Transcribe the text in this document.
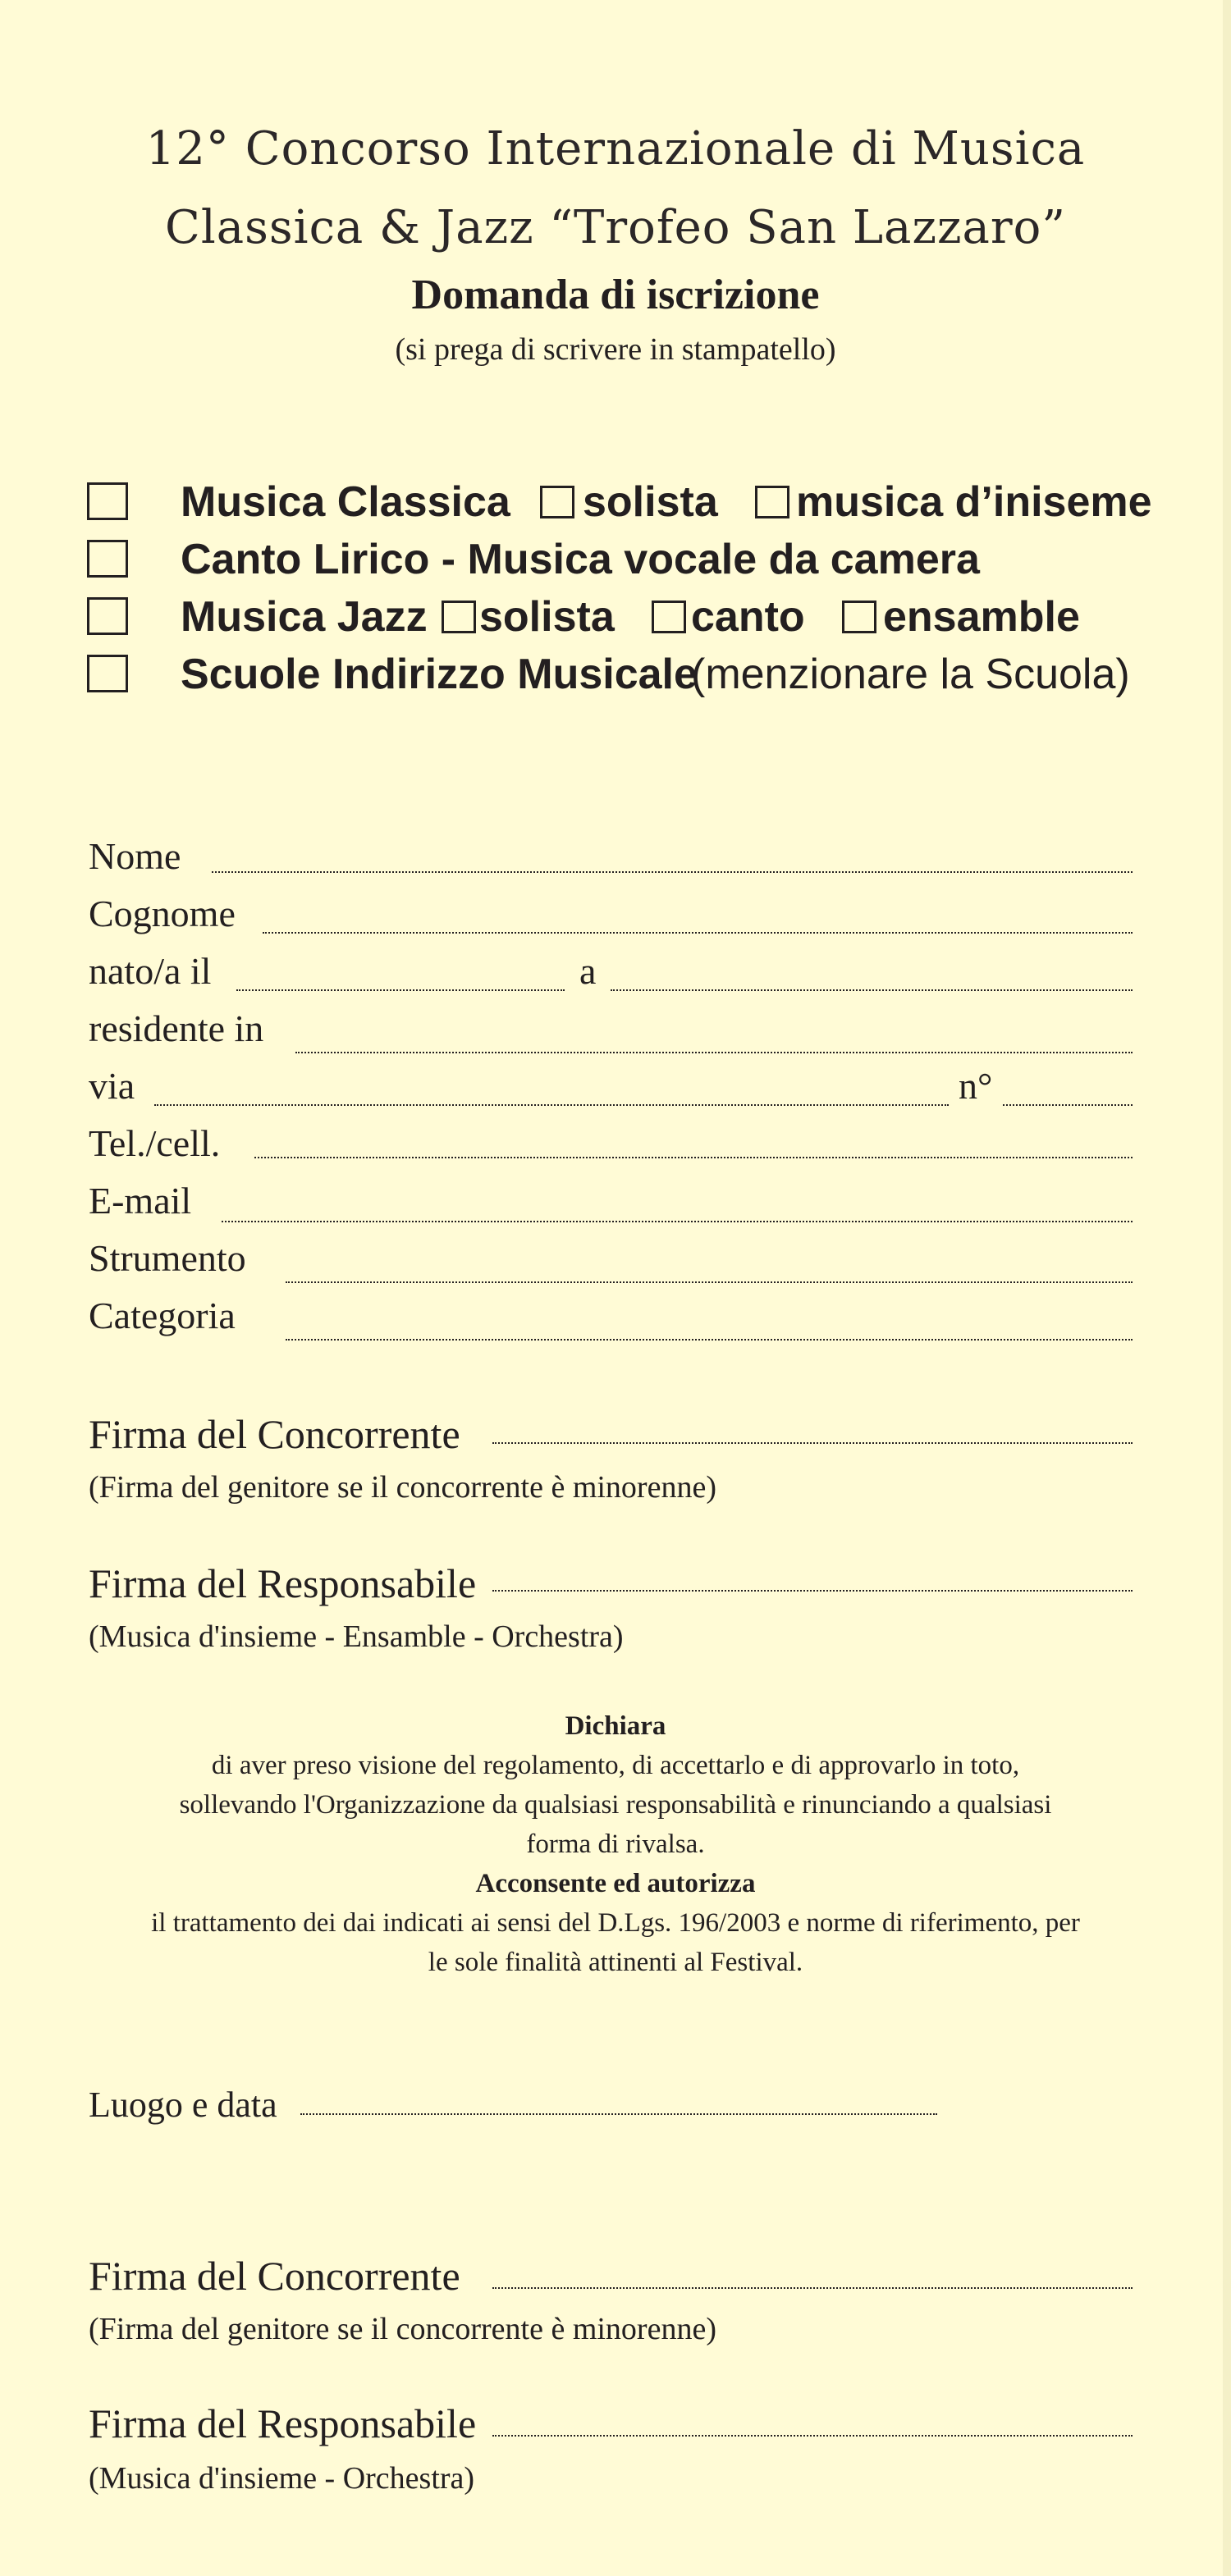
12° Concorso Internazionale di Musica
Classica & Jazz “Trofeo San Lazzaro”
Domanda di iscrizione
(si prega di scrivere in stampatello)
Musica Classica solista musica d’iniseme
Canto Lirico - Musica vocale da camera
Musica Jazz solista canto ensamble
Scuole Indirizzo Musicale
(menzionare la Scuola)
Nome
Cognome
nato/a il	a
residente in
via	n°
Tel./cell.
E-mail
Strumento
Categoria
Firma del Concorrente
(Firma del genitore se il concorrente è minorenne)
Firma del Responsabile
(Musica d'insieme - Ensamble - Orchestra)
Dichiara
di aver preso visione del regolamento, di accettarlo e di approvarlo in toto,
sollevando l'Organizzazione da qualsiasi responsabilità e rinunciando a qualsiasi
forma di rivalsa.
Acconsente ed autorizza
il trattamento dei dai indicati ai sensi del D.Lgs. 196/2003 e norme di riferimento, per
le sole finalità attinenti al Festival.
Luogo e data
Firma del Concorrente
(Firma del genitore se il concorrente è minorenne)
Firma del Responsabile
(Musica d'insieme - Orchestra)
